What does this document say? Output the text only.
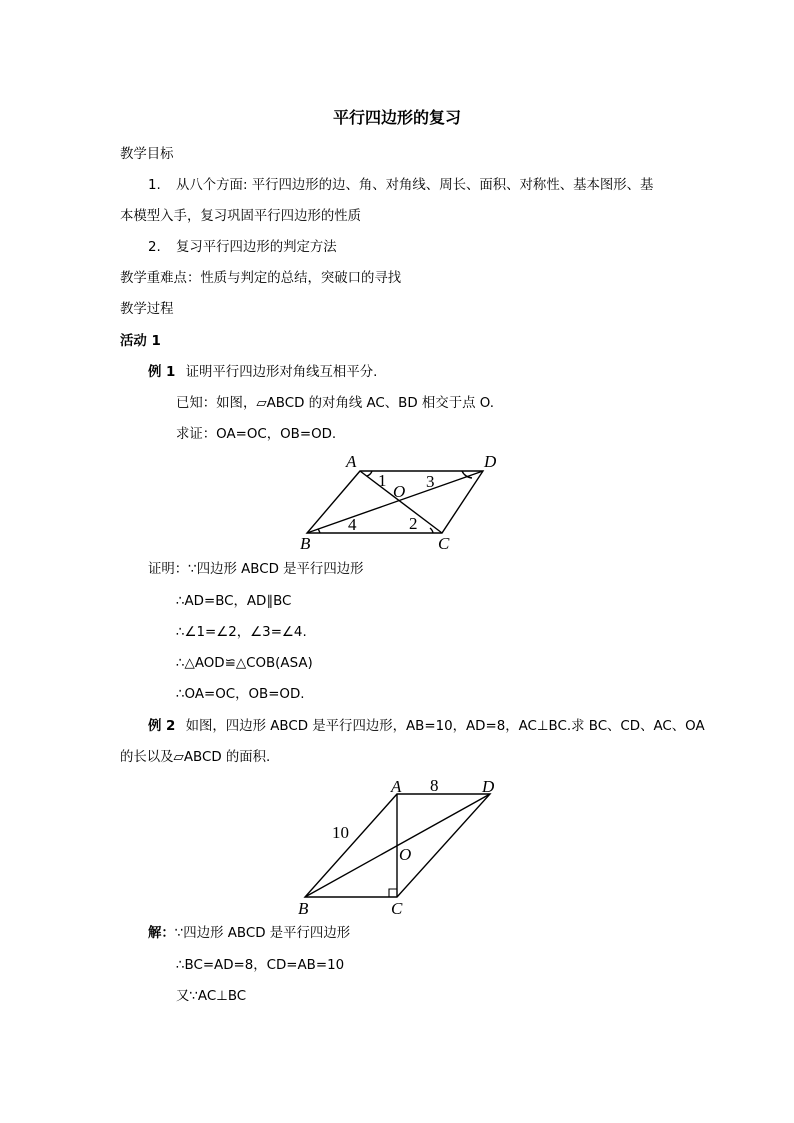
平行四边形的复习
教学目标
1. 从八个方面: 平行四边形的边、角、对角线、周长、面积、对称性、基本图形、基
本模型入手，复习巩固平行四边形的性质
2. 复习平行四边形的判定方法
教学重难点：性质与判定的总结，突破口的寻找
教学过程
活动 1
例 1 证明平行四边形对角线互相平分.
已知：如图，▱ABCD 的对角线 AC、BD 相交于点 O.
求证：OA=OC，OB=OD.
A	D
B	C
O
1
2
3
4
证明：∵四边形 ABCD 是平行四边形
∴AD=BC，AD∥BC
∴∠1=∠2，∠3=∠4.
∴△AOD≌△COB(ASA)
∴OA=OC，OB=OD.
例 2 如图，四边形 ABCD 是平行四边形，AB=10，AD=8，AC⊥BC.求 BC、CD、AC、OA
的长以及▱ABCD 的面积.
A	D
B	C
O
8
10
解：∵四边形 ABCD 是平行四边形
∴BC=AD=8，CD=AB=10
又∵AC⊥BC
